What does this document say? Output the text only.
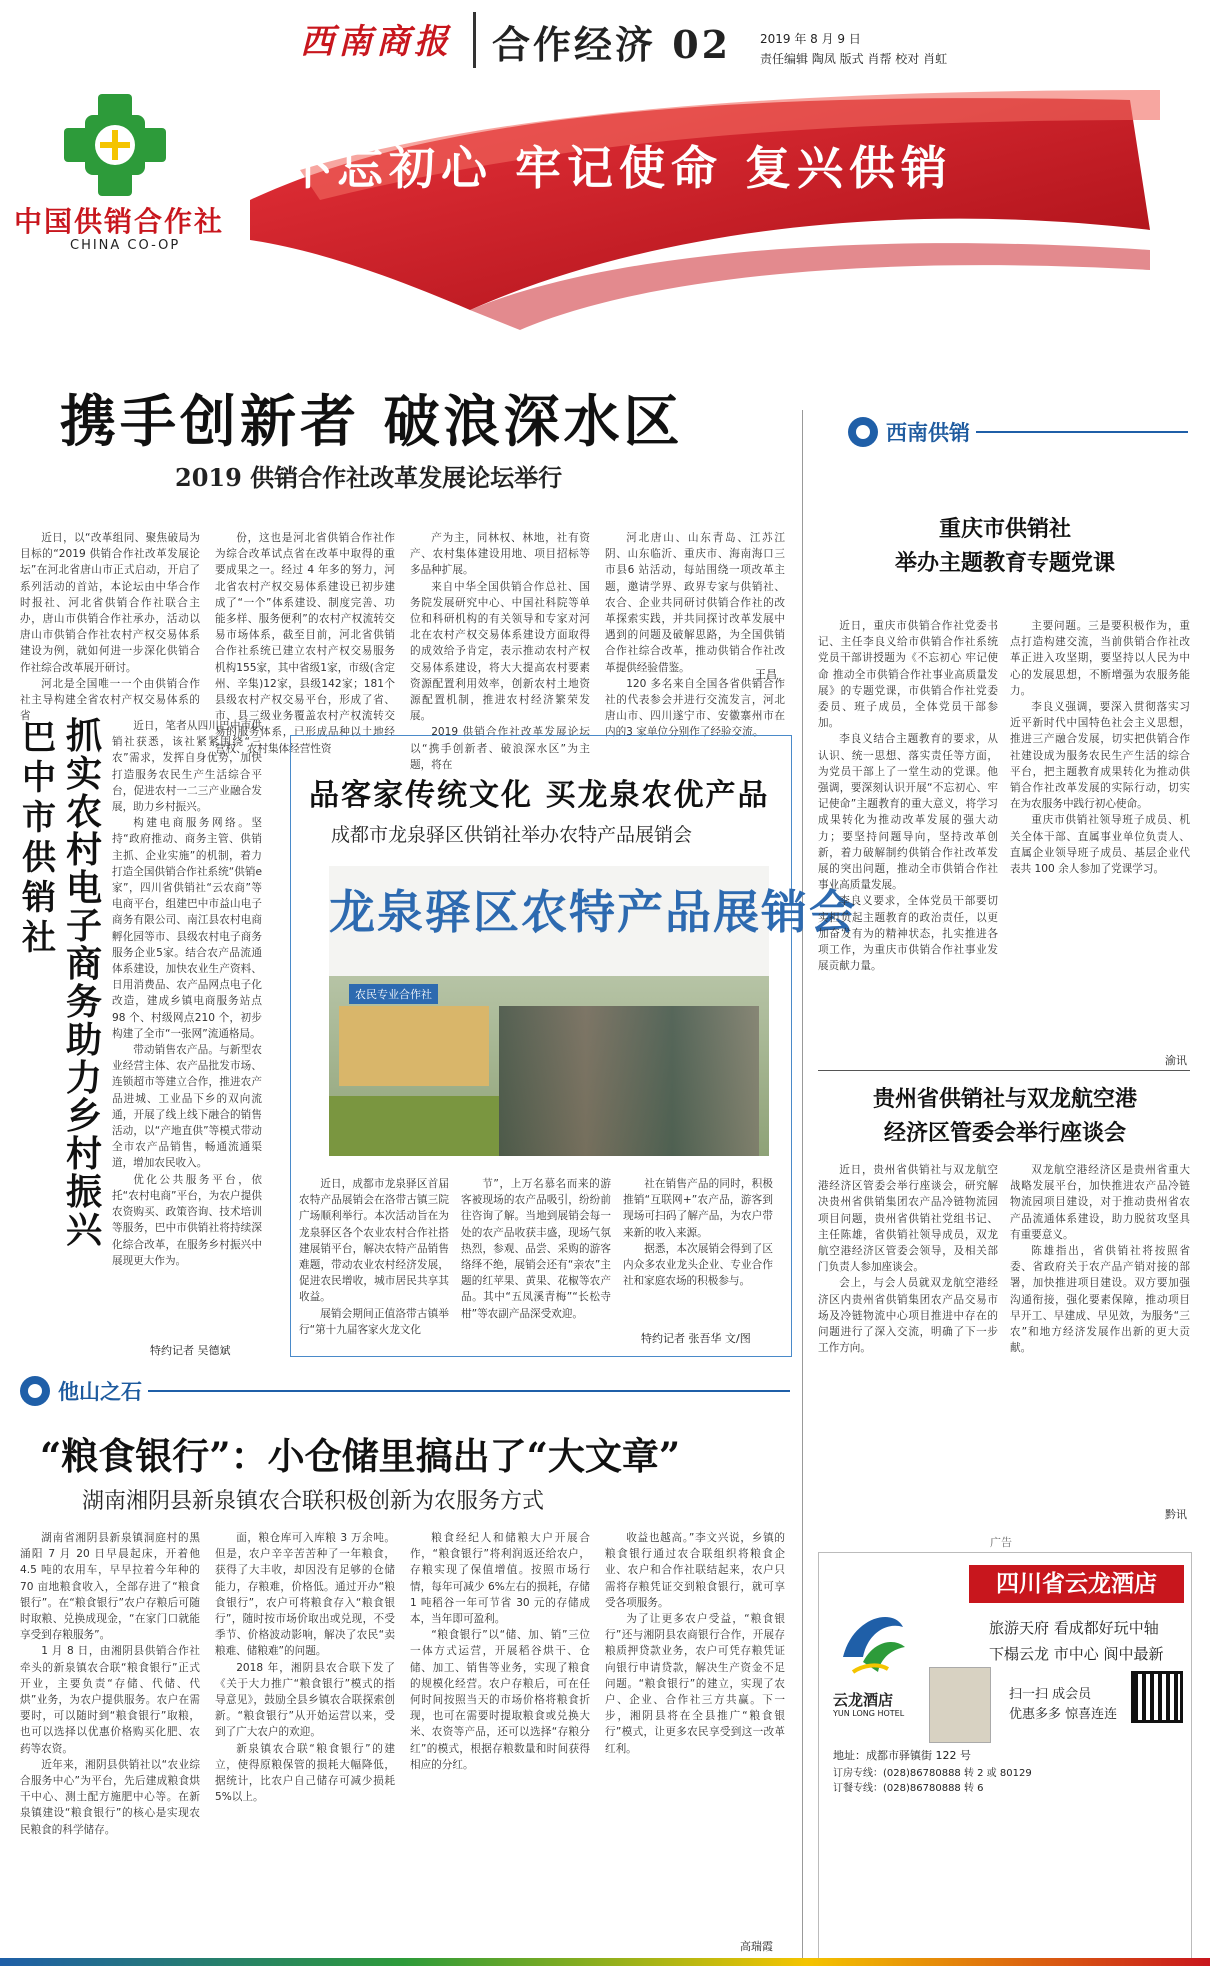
西南商报 合作经济 02 2019 年 8 月 9 日
责任编辑 陶凤 版式 肖帮 校对 肖虹
中国供销合作社
CHINA CO-OP
不忘初心 牢记使命 复兴供销
携手创新者 破浪深水区
2019 供销合作社改革发展论坛举行

近日，以“改革组同、聚焦破局为目标的“2019 供销合作社改革发展论坛”在河北省唐山市正式启动，开启了系列活动的首站，本论坛由中华合作时报社、河北省供销合作社联合主办，唐山市供销合作社承办，活动以唐山市供销合作社农村产权交易体系建设为例，就如何进一步深化供销合作社综合改革展开研讨。

河北是全国唯一一个由供销合作社主导构建全省农村产权交易体系的省

份，这也是河北省供销合作社作为综合改革试点省在改革中取得的重要成果之一。经过 4 年多的努力，河北省农村产权交易体系建设已初步建成了“一个”体系建设、制度完善、功能多样、服务便利”的农村产权流转交易市场体系，截至目前，河北省供销合作社系统已建立农村产权交易服务机构155家，其中省级1家，市级(含定州、辛集)12家，县级142家；181个县级农村产权交易平台，形成了省、市、县三级业务覆盖农村产权流转交易的服务体系，已形成品种以土地经营权、农村集体经营性资

产为主，同林权、林地，社有资产、农村集体建设用地、项目招标等多品种扩展。

来自中华全国供销合作总社、国务院发展研究中心、中国社科院等单位和科研机构的有关领导和专家对河北在农村产权交易体系建设方面取得的成效给予肯定，表示推动农村产权交易体系建设，将大大提高农村要素资源配置利用效率，创新农村土地资源配置机制，推进农村经济繁荣发展。

2019 供销合作社改革发展论坛以“携手创新者、破浪深水区”为主题，将在

河北唐山、山东青岛、江苏江阴、山东临沂、重庆市、海南海口三市县6 站活动，每站围绕一项改革主题，邀请学界、政界专家与供销社、农合、企业共同研讨供销合作社的改革探索实践，并共同探讨改革发展中遇到的问题及破解思路，为全国供销合作社综合改革，推动供销合作社改革提供经验借鉴。

120 多名来自全国各省供销合作社的代表参会并进行交流发言，河北唐山市、四川遂宁市、安徽寨州市在内的3 家单位分别作了经验交流。

王昌
巴中市供销社
抓实农村电子商务助力乡村振兴

近日，笔者从四川巴中市供销社获悉，该社紧紧围绕“三农”需求，发挥自身优势，加快打造服务农民生产生活综合平台，促进农村一二三产业融合发展，助力乡村振兴。

构建电商服务网络。坚持“政府推动、商务主管、供销主抓、企业实施”的机制，着力打造全国供销合作社系统“供销e家”，四川省供销社“云农商”等电商平台，组建巴中市益山电子商务有限公司、南江县农村电商孵化园等市、县级农村电子商务服务企业5家。结合农产品流通体系建设，加快农业生产资料、日用消费品、农产品网点电子化改造，建成乡镇电商服务站点98 个、村级网点210 个，初步构建了全市“一张网”流通格局。

带动销售农产品。与新型农业经营主体、农产品批发市场、连锁超市等建立合作，推进农产品进城、工业品下乡的双向流通，开展了线上线下融合的销售活动，以“产地直供”等模式带动全市农产品销售，畅通流通渠道，增加农民收入。

优化公共服务平台，依托“农村电商”平台，为农户提供农资购买、政策咨询、技术培训等服务，巴中市供销社将持续深化综合改革，在服务乡村振兴中展现更大作为。

特约记者 吴德斌
品客家传统文化 买龙泉农优产品
成都市龙泉驿区供销社举办农特产品展销会
龙泉驿区农特产品展销会
农民专业合作社

近日，成都市龙泉驿区首届农特产品展销会在洛带古镇三院广场顺利举行。本次活动旨在为龙泉驿区各个农业农村合作社搭建展销平台，解决农特产品销售难题，带动农业农村经济发展，促进农民增收，城市居民共享其收益。

展销会期间正值洛带古镇举行“第十九届客家火龙文化

节”，上万名慕名而来的游客被现场的农产品吸引，纷纷前往咨询了解。当地到展销会每一处的农产品收获丰盛，现场气氛热烈，参观、品尝、采购的游客络绎不绝，展销会还有“亲农”主题的红苹果、黄果、花椒等农产品。其中“五凤溪青梅”“长松寺柑”等农副产品深受欢迎。

社在销售产品的同时，积极推销“互联网+”农产品，游客到现场可扫码了解产品，为农户带来新的收入来源。

据悉，本次展销会得到了区内众多农业龙头企业、专业合作社和家庭农场的积极参与。

特约记者 张吾华 文/图
他山之石
“粮食银行”：小仓储里搞出了“大文章”
湖南湘阴县新泉镇农合联积极创新为农服务方式

湖南省湘阴县新泉镇洞庭村的黑涌阳 7 月 20 日早晨起床，开着他 4.5 吨的农用车，早早拉着今年种的 70 亩地粮食收入，全部存进了“粮食银行”。在“粮食银行”农户存粮后可随时取粮、兑换成现金，“在家门口就能享受到存粮服务”。

1 月 8 日，由湘阴县供销合作社牵头的新泉镇农合联“粮食银行”正式开业，主要负责“存储、代储、代烘”业务，为农户提供服务。农户在需要时，可以随时到“粮食银行”取粮，也可以选择以优惠价格购买化肥、农药等农资。

近年来，湘阴县供销社以“农业综合服务中心”为平台，先后建成粮食烘干中心、测土配方施肥中心等。在新泉镇建设“粮食银行”的核心是实现农民粮食的科学储存。

面，粮仓库可入库粮 3 万余吨。但是，农户辛辛苦苦种了一年粮食，获得了大丰收，却因没有足够的仓储能力，存粮难，价格低。通过开办“粮食银行”，农户可将粮食存入“粮食银行”，随时按市场价取出或兑现，不受季节、价格波动影响，解决了农民“卖粮难、储粮难”的问题。

2018 年，湘阴县农合联下发了《关于大力推广“粮食银行”模式的指导意见》，鼓励全县乡镇农合联探索创新。“粮食银行”从开始运营以来，受到了广大农户的欢迎。

新泉镇农合联“粮食银行”的建立，使得原粮保管的损耗大幅降低，据统计，比农户自己储存可减少损耗 5%以上。

粮食经纪人和储粮大户开展合作，“粮食银行”将利润返还给农户，存粮实现了保值增值。按照市场行情，每年可减少 6%左右的损耗，存储 1 吨稻谷一年可节省 30 元的存储成本，当年即可盈利。

“粮食银行”以“储、加、销”三位一体方式运营，开展稻谷烘干、仓储、加工、销售等业务，实现了粮食的规模化经营。农户存粮后，可在任何时间按照当天的市场价格将粮食折现，也可在需要时提取粮食或兑换大米、农资等产品，还可以选择“存粮分红”的模式，根据存粮数量和时间获得相应的分红。

收益也越高。”李文兴说，乡镇的粮食银行通过农合联组织将粮食企业、农户和合作社联结起来，农户只需将存粮凭证交到粮食银行，就可享受各项服务。

为了让更多农户受益，“粮食银行”还与湘阴县农商银行合作，开展存粮质押贷款业务，农户可凭存粮凭证向银行申请贷款，解决生产资金不足问题。“粮食银行”的建立，实现了农户、企业、合作社三方共赢。下一步，湘阴县将在全县推广“粮食银行”模式，让更多农民享受到这一改革红利。

高瑞霞
西南供销
重庆市供销社
举办主题教育专题党课

近日，重庆市供销合作社党委书记、主任李良义给市供销合作社系统党员干部讲授题为《不忘初心 牢记使命 推动全市供销合作社事业高质量发展》的专题党课，市供销合作社党委委员、班子成员，全体党员干部参加。

李良义结合主题教育的要求，从认识、统一思想、落实责任等方面，为党员干部上了一堂生动的党课。他强调，要深刻认识开展“不忘初心、牢记使命”主题教育的重大意义，将学习成果转化为推动改革发展的强大动力；要坚持问题导向，坚持改革创新，着力破解制约供销合作社改革发展的突出问题，推动全市供销合作社事业高质量发展。

李良义要求，全体党员干部要切实担负起主题教育的政治责任，以更加奋发有为的精神状态，扎实推进各项工作，为重庆市供销合作社事业发展贡献力量。

主要问题。三是要积极作为，重点打造构建交流，当前供销合作社改革正进入攻坚期，要坚持以人民为中心的发展思想，不断增强为农服务能力。

李良义强调，要深入贯彻落实习近平新时代中国特色社会主义思想，推进三产融合发展，切实把供销合作社建设成为服务农民生产生活的综合平台，把主题教育成果转化为推动供销合作社改革发展的实际行动，切实在为农服务中践行初心使命。

重庆市供销社领导班子成员、机关全体干部、直属事业单位负责人、直属企业领导班子成员、基层企业代表共 100 余人参加了党课学习。

渝讯
贵州省供销社与双龙航空港
经济区管委会举行座谈会

近日，贵州省供销社与双龙航空港经济区管委会举行座谈会，研究解决贵州省供销集团农产品冷链物流园项目问题，贵州省供销社党组书记、主任陈雄，省供销社领导成员，双龙航空港经济区管委会领导，及相关部门负责人参加座谈会。

会上，与会人员就双龙航空港经济区内贵州省供销集团农产品交易市场及冷链物流中心项目推进中存在的问题进行了深入交流，明确了下一步工作方向。

双龙航空港经济区是贵州省重大战略发展平台，加快推进农产品冷链物流园项目建设，对于推动贵州省农产品流通体系建设，助力脱贫攻坚具有重要意义。

陈雄指出，省供销社将按照省委、省政府关于农产品产销对接的部署，加快推进项目建设。双方要加强沟通衔接，强化要素保障，推动项目早开工、早建成、早见效，为服务“三农”和地方经济发展作出新的更大贡献。

黔讯
广告
四川省云龙酒店
云龙酒店
YUN LONG HOTEL
旅游天府 看成都好玩中轴
下榻云龙 市中心 阆中最新
扫一扫 成会员
优惠多多 惊喜连连
地址：成都市驿镇街 122 号
订房专线：(028)86780888 转 2 或 80129
订餐专线：(028)86780888 转 6
